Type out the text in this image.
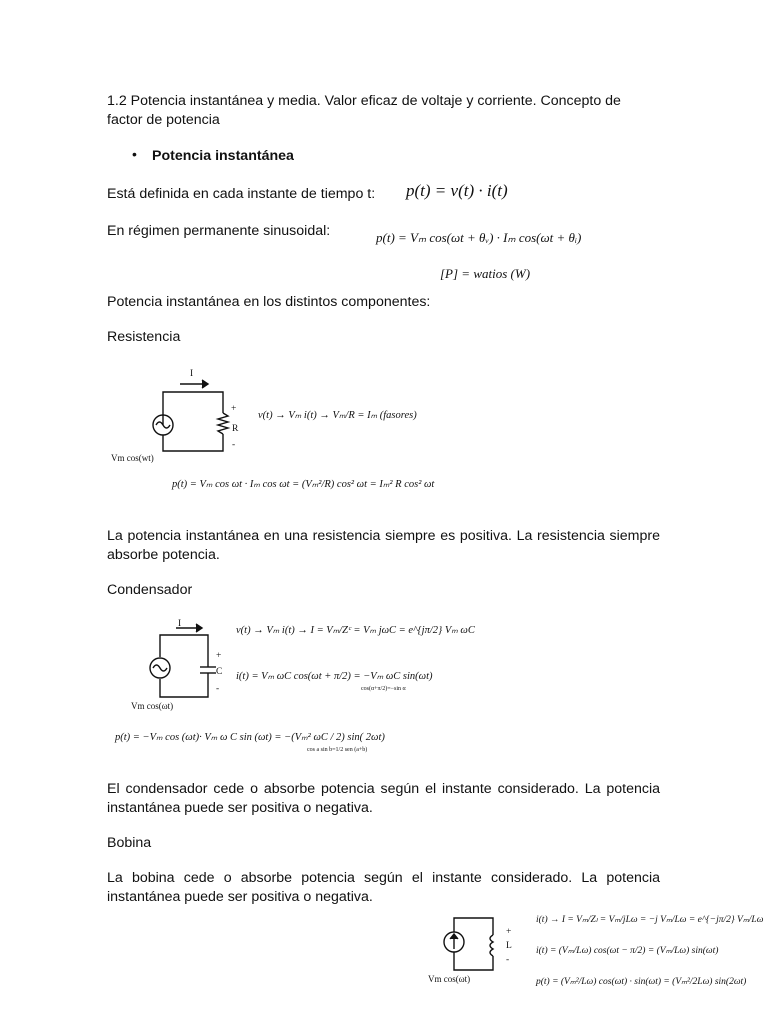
1.2 Potencia instantánea y media. Valor eficaz de voltaje y corriente. Concepto de
factor de potencia
• Potencia instantánea
Está definida en cada instante de tiempo t:	p(t) = v(t) · i(t)
En régimen permanente sinusoidal:	p(t) = Vₘ cos(ωt + θᵥ) · Iₘ cos(ωt + θᵢ)
[P] = watios (W)
Potencia instantánea en los distintos componentes:
Resistencia
I
+
R
-
Vm cos(wt)
v(t) → Vₘ i(t) → Vₘ/R = Iₘ (fasores)
p(t) = Vₘ cos ωt · Iₘ cos ωt = (Vₘ²/R) cos² ωt = Iₘ² R cos² ωt
La potencia instantánea en una resistencia siempre es positiva. La resistencia siempre absorbe potencia.
Condensador
I
+
C
-
Vm cos(ωt)
v(t) → Vₘ i(t) → I = Vₘ/Zᶜ = Vₘ jωC = e^{jπ/2} Vₘ ωC
i(t) = Vₘ ωC cos(ωt + π/2) = −Vₘ ωC sin(ωt)
cos(α+π/2)=−sin α
p(t) = −Vₘ cos (ωt)· Vₘ ω C sin (ωt) = −(Vₘ² ωC / 2) sin( 2ωt)
cos a sin b=1/2 sen (a+b)
El condensador cede o absorbe potencia según el instante considerado. La potencia instantánea puede ser positiva o negativa.
Bobina
La bobina cede o absorbe potencia según el instante considerado. La potencia instantánea puede ser positiva o negativa.
+
L
-
Vm cos(ωt)
i(t) → I = Vₘ/Zₗ = Vₘ/jLω = −j Vₘ/Lω = e^{−jπ/2} Vₘ/Lω
i(t) = (Vₘ/Lω) cos(ωt − π/2) = (Vₘ/Lω) sin(ωt)
p(t) = (Vₘ²/Lω) cos(ωt) · sin(ωt) = (Vₘ²/2Lω) sin(2ωt)
